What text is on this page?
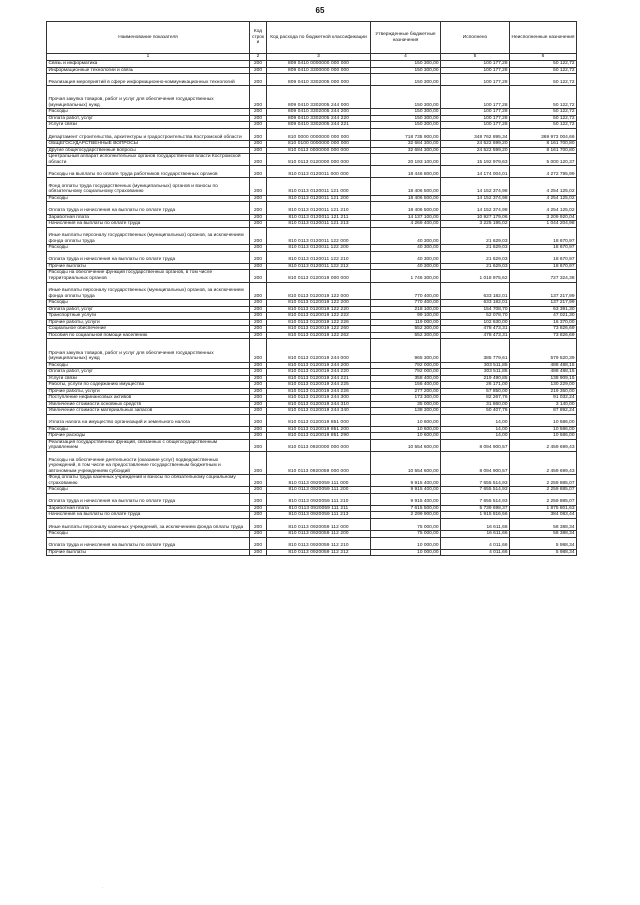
65
Наименование показателя	Код строк и	Код расхода по бюджетной классификации	Утвержденные бюджетные назначения	Исполнено	Неисполненные назначения
1	2	3	4	5	6
Связь и информатика	200	809 0410 0000000 000 000	150 300,00	100 177,28	50 122,72
Информационные технологии и связь	200	809 0410 3300000 000 000	150 300,00	100 177,28	50 122,72
Реализация мероприятий в сфере информационно-коммуникационных технологий	200	809 0410 3302005 000 000	150 300,00	100 177,28	50 122,72
Прочая закупка товаров, работ и услуг для обеспечения государственных (муниципальных) нужд	200	809 0410 3302005 244 000	150 300,00	100 177,28	50 122,72
Расходы	200	809 0410 3302005 244 200	150 300,00	100 177,28	50 122,72
Оплата работ, услуг	200	809 0410 3302005 244 220	150 300,00	100 177,28	50 122,72
Услуги связи	200	809 0410 3302005 244 221	150 300,00	100 177,28	50 122,72
Департамент строительства, архитектуры и градостроительства Костромской области	200	810 0000 0000000 000 000	718 735 900,00	348 762 895,34	369 973 004,66
ОБЩЕГОСУДАРСТВЕННЫЕ ВОПРОСЫ	200	810 0100 0000000 000 000	32 684 300,00	24 522 699,20	8 161 700,80
Другие общегосударственные вопросы	200	810 0113 0000000 000 000	32 684 300,00	24 522 599,20	8 161 700,80
Центральный аппарат исполнительных органов государственной власти Костромской области	200	810 0113 0120000 000 000	20 193 100,00	15 192 979,63	5 000 120,37
Расходы на выплаты по оплате труда работников государственных органов	200	810 0113 0120011 000 000	18 446 800,00	14 174 004,01	4 272 795,99
Фонд оплаты труда государственных (муниципальных) органов и взносы по обязательному социальному страхованию	200	810 0113 0120011 121 000	18 406 500,00	14 152 374,98	4 254 125,02
Расходы	200	810 0113 0120011 121 200	18 406 500,00	14 152 374,98	4 254 125,02
Оплата труда и начисления на выплаты по оплате труда	200	810 0113 0120011 121 210	18 406 500,00	14 152 374,98	4 254 125,02
Заработная плата	200	810 0113 0120011 121 211	14 137 100,00	10 927 179,06	3 209 920,04
Начисления на выплаты по оплате труда	200	810 0113 0120011 121 213	4 269 400,00	3 225 195,02	1 044 204,98
Иные выплаты персоналу государственных (муниципальных) органов, за исключением фонда оплаты труда	200	810 0113 0120011 122 000	40 300,00	21 629,03	18 670,97
Расходы	200	810 0113 0120011 122 200	40 300,00	21 629,03	18 670,97
Оплата труда и начисления на выплаты по оплате труда	200	810 0113 0120011 122 210	40 300,00	21 629,03	18 670,97
Прочие выплаты	200	810 0113 0120011 122 212	40 300,00	21 629,03	18 670,97
Расходы на обеспечение функций государственных органов, в том числе территориальных органов	200	810 0113 0120019 000 000	1 746 300,00	1 018 975,62	727 324,38
Иные выплаты персоналу государственных (муниципальных) органов, за исключением фонда оплаты труда	200	810 0113 0120019 122 000	770 400,00	633 182,01	137 217,99
Расходы	200	810 0113 0120019 122 200	770 400,00	633 182,01	137 217,99
Оплата работ, услуг	200	810 0113 0120019 122 220	218 100,00	154 708,70	63 391,30
Транспортные услуги	200	810 0113 0120019 122 222	99 100,00	52 078,70	47 021,30
Прочие работы, услуги	200	810 0113 0120019 122 226	119 000,00	102 630,00	16 370,00
Социальное обеспечение	200	810 0113 0120019 122 260	552 300,00	478 473,31	73 826,69
Пособия по социальной помощи населению	200	810 0113 0120019 122 262	552 300,00	478 473,31	73 826,69
Прочая закупка товаров, работ и услуг для обеспечения государственных (муниципальных) нужд	200	810 0113 0120019 244 000	965 300,00	385 779,61	579 520,39
Расходы	200	810 0113 0120019 244 200	792 000,00	303 511,85	488 488,15
Оплата работ, услуг	200	810 0113 0120019 244 220	792 000,00	303 511,85	488 488,15
Услуги связи	200	810 0113 0120019 244 221	358 400,00	219 490,85	138 909,15
Работы, услуги по содержанию имущества	200	810 0113 0120019 244 225	156 400,00	26 171,00	130 229,00
Прочие работы, услуги	200	810 0113 0120019 244 226	277 200,00	57 850,00	219 350,00
Поступление нефинансовых активов	200	810 0113 0120019 244 300	173 300,00	82 267,76	91 032,24
Увеличение стоимости основных средств	200	810 0113 0120019 244 310	35 000,00	31 860,00	3 140,00
Увеличение стоимости материальных запасов	200	810 0113 0120019 244 340	138 300,00	50 407,76	87 892,24
Уплата налога на имущество организаций и земельного налога	200	810 0113 0120019 851 000	10 600,00	14,00	10 586,00
Расходы	200	810 0113 0120019 851 200	10 600,00	14,00	10 586,00
Прочие расходы	200	810 0113 0120019 851 290	10 600,00	14,00	10 586,00
Реализация государственных функций, связанных с общегосударственным управлением	200	810 0113 0920000 000 000	10 554 600,00	8 094 900,57	2 459 699,43
Расходы на обеспечение деятельности (оказание услуг) подведомственных учреждений, в том числе на предоставление государственным бюджетным и автономным учреждениям субсидий	200	810 0113 0920059 000 000	10 554 600,00	8 094 900,57	2 459 699,43
Фонд оплаты труда казенных учреждений и взносы по обязательному социальному страхованию	200	810 0113 0920059 111 000	9 915 400,00	7 655 514,93	2 259 885,07
Расходы	200	810 0113 0920059 111 200	9 915 400,00	7 655 514,93	2 259 885,07
Оплата труда и начисления на выплаты по оплате труда	200	810 0113 0920059 111 210	9 915 400,00	7 655 514,93	2 259 885,07
Заработная плата	200	810 0113 0920059 111 211	7 615 500,00	5 739 698,37	1 875 801,63
Начисления на выплаты по оплате труда	200	810 0113 0920059 111 213	2 299 900,00	1 915 816,56	384 083,44
Иные выплаты персоналу казенных учреждений, за исключением фонда оплаты труда	200	810 0113 0920059 112 000	75 000,00	16 611,66	58 388,34
Расходы	200	810 0113 0920059 112 200	75 000,00	16 611,66	58 388,34
Оплата труда и начисления на выплаты по оплате труда	200	810 0113 0920059 112 210	10 000,00	4 011,66	5 988,34
Прочие выплаты	200	810 0113 0920059 112 212	10 000,00	4 011,66	5 988,34
·
